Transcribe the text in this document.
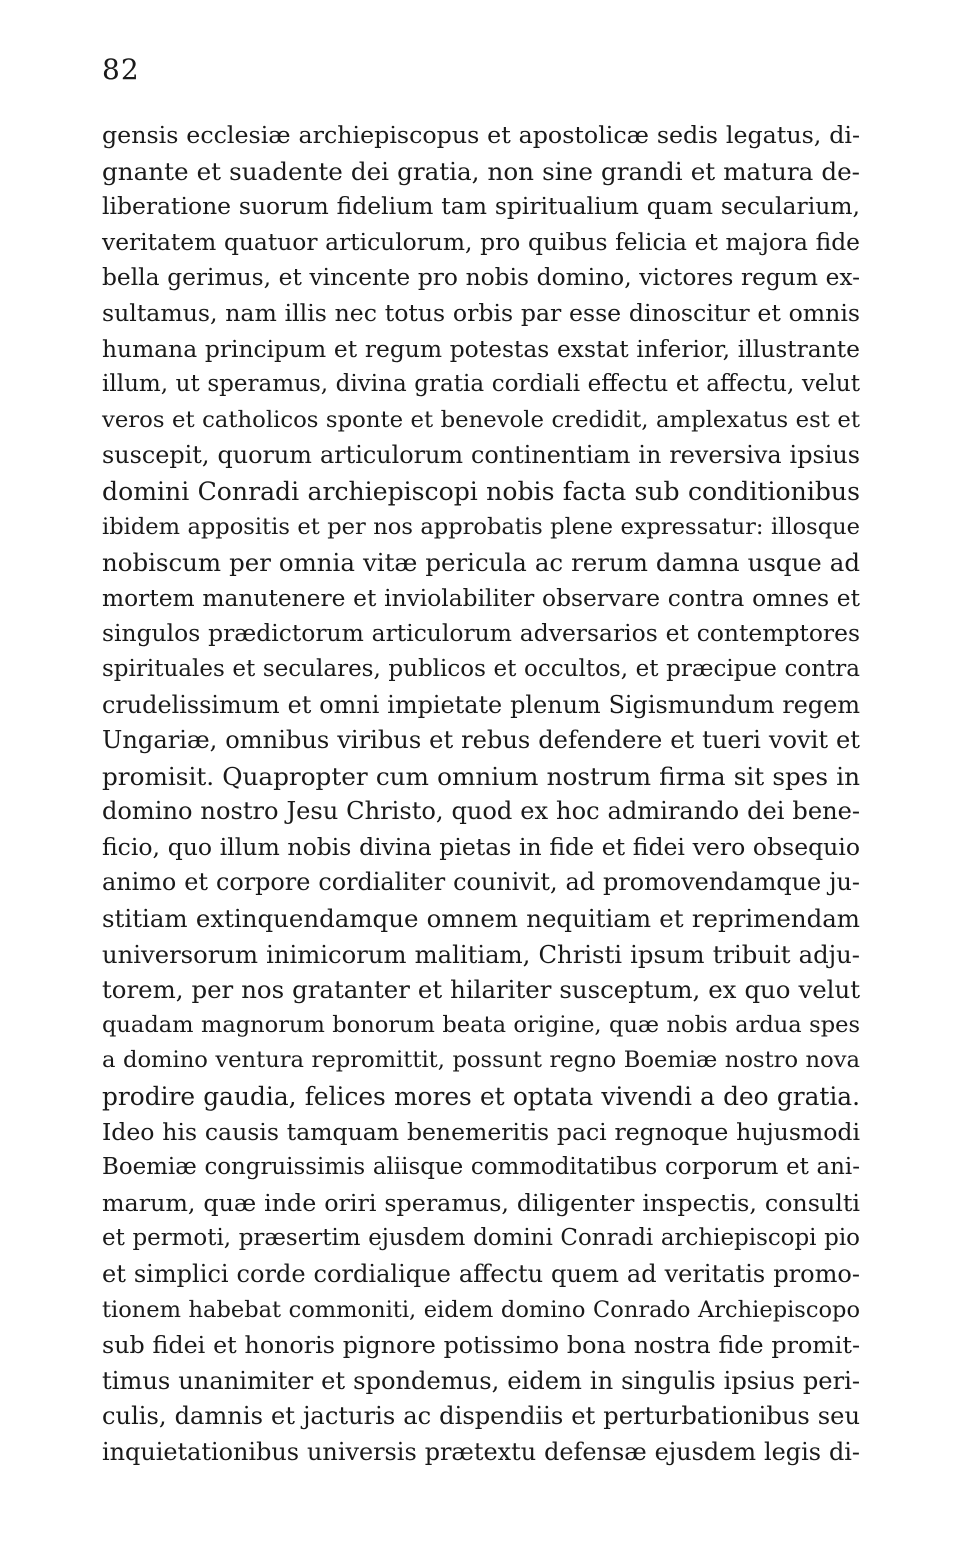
82
gensis ecclesiæ archiepiscopus et apostolicæ sedis legatus, di-
gnante et suadente dei gratia, non sine grandi et matura de-
liberatione suorum fidelium tam spiritualium quam secularium,
veritatem quatuor articulorum, pro quibus felicia et majora fide
bella gerimus, et vincente pro nobis domino, victores regum ex-
sultamus, nam illis nec totus orbis par esse dinoscitur et omnis
humana principum et regum potestas exstat inferior, illustrante
illum, ut speramus, divina gratia cordiali effectu et affectu, velut
veros et catholicos sponte et benevole credidit, amplexatus est et
suscepit, quorum articulorum continentiam in reversiva ipsius
domini Conradi archiepiscopi nobis facta sub conditionibus
ibidem appositis et per nos approbatis plene expressatur: illosque
nobiscum per omnia vitæ pericula ac rerum damna usque ad
mortem manutenere et inviolabiliter observare contra omnes et
singulos prædictorum articulorum adversarios et contemptores
spirituales et seculares, publicos et occultos, et præcipue contra
crudelissimum et omni impietate plenum Sigismundum regem
Ungariæ, omnibus viribus et rebus defendere et tueri vovit et
promisit. Quapropter cum omnium nostrum firma sit spes in
domino nostro Jesu Christo, quod ex hoc admirando dei bene-
ficio, quo illum nobis divina pietas in fide et fidei vero obsequio
animo et corpore cordialiter counivit, ad promovendamque ju-
stitiam extinquendamque omnem nequitiam et reprimendam
universorum inimicorum malitiam, Christi ipsum tribuit adju-
torem, per nos gratanter et hilariter susceptum, ex quo velut
quadam magnorum bonorum beata origine, quæ nobis ardua spes
a domino ventura repromittit, possunt regno Boemiæ nostro nova
prodire gaudia, felices mores et optata vivendi a deo gratia.
Ideo his causis tamquam benemeritis paci regnoque hujusmodi
Boemiæ congruissimis aliisque commoditatibus corporum et ani-
marum, quæ inde oriri speramus, diligenter inspectis, consulti
et permoti, præsertim ejusdem domini Conradi archiepiscopi pio
et simplici corde cordialique affectu quem ad veritatis promo-
tionem habebat commoniti, eidem domino Conrado Archiepiscopo
sub fidei et honoris pignore potissimo bona nostra fide promit-
timus unanimiter et spondemus, eidem in singulis ipsius peri-
culis, damnis et jacturis ac dispendiis et perturbationibus seu
inquietationibus universis prætextu defensæ ejusdem legis di-
